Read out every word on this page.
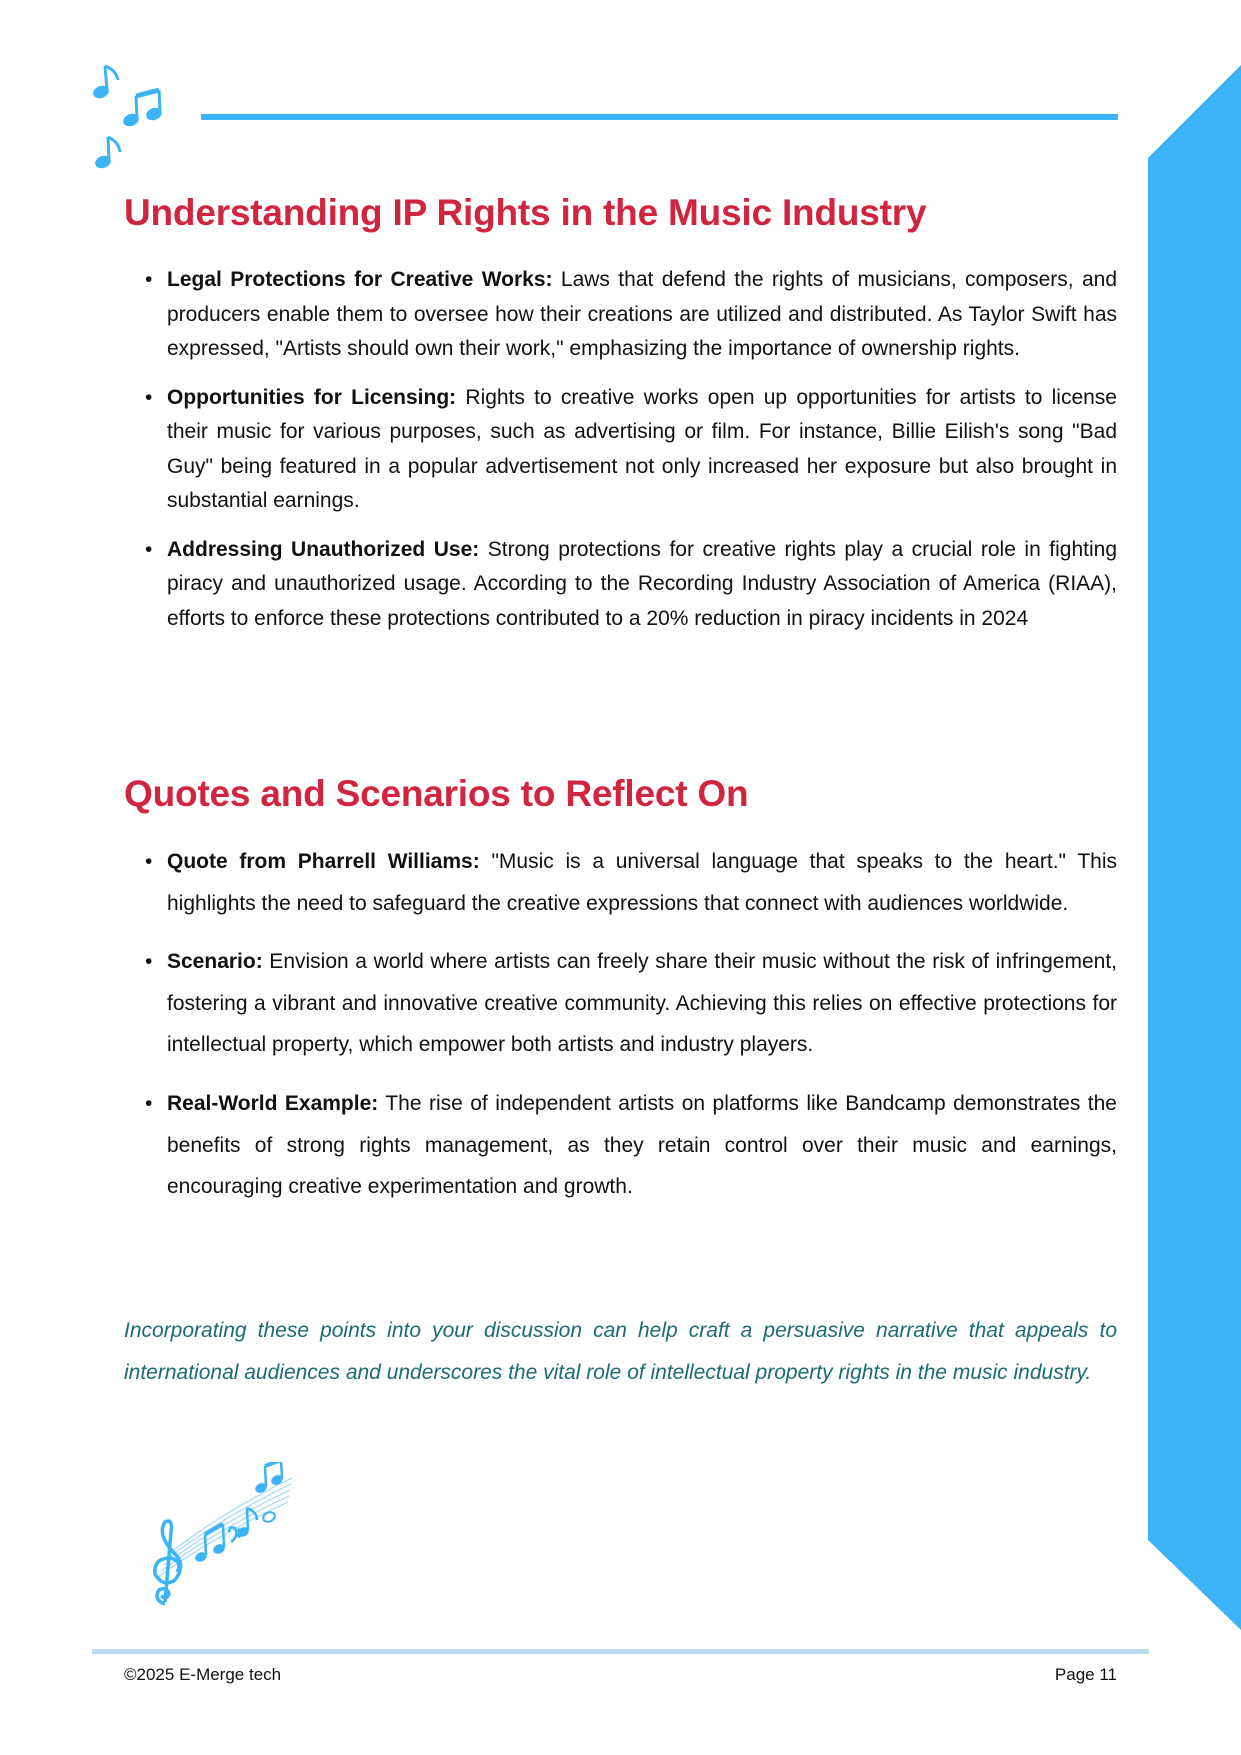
Understanding IP Rights in the Music Industry
• Legal Protections for Creative Works: Laws that defend the rights of musicians, composers, and producers enable them to oversee how their creations are utilized and distributed. As Taylor Swift has expressed, "Artists should own their work," emphasizing the importance of ownership rights.
• Opportunities for Licensing: Rights to creative works open up opportunities for artists to license their music for various purposes, such as advertising or film. For instance, Billie Eilish's song "Bad Guy" being featured in a popular advertisement not only increased her exposure but also brought in substantial earnings.
• Addressing Unauthorized Use: Strong protections for creative rights play a crucial role in fighting piracy and unauthorized usage. According to the Recording Industry Association of America (RIAA), efforts to enforce these protections contributed to a 20% reduction in piracy incidents in 2024
Quotes and Scenarios to Reflect On
• Quote from Pharrell Williams: "Music is a universal language that speaks to the heart." This highlights the need to safeguard the creative expressions that connect with audiences worldwide.
• Scenario: Envision a world where artists can freely share their music without the risk of infringement, fostering a vibrant and innovative creative community. Achieving this relies on effective protections for intellectual property, which empower both artists and industry players.
• Real-World Example: The rise of independent artists on platforms like Bandcamp demonstrates the benefits of strong rights management, as they retain control over their music and earnings, encouraging creative experimentation and growth.

Incorporating these points into your discussion can help craft a persuasive narrative that appeals to international audiences and underscores the vital role of intellectual property rights in the music industry.

©2025 E-Merge tech	Page 11
